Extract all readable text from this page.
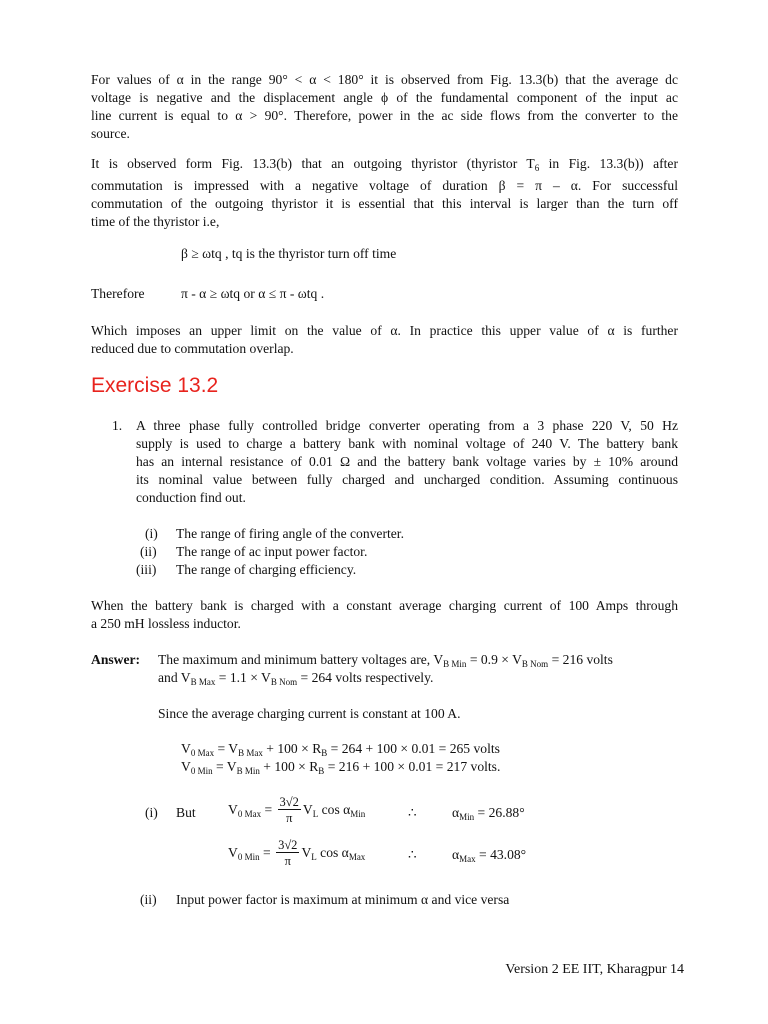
For values of α in the range 90° < α < 180° it is observed from Fig. 13.3(b) that the average dc
voltage is negative and the displacement angle ϕ of the fundamental component of the input ac
line current is equal to α > 90°. Therefore, power in the ac side flows from the converter to the
source.
It is observed form Fig. 13.3(b) that an outgoing thyristor (thyristor $T_6$ in Fig. 13.3(b)) after
commutation is impressed with a negative voltage of duration β = π – α. For successful
commutation of the outgoing thyristor it is essential that this interval is larger than the turn off
time of the thyristor i.e,
β ≥ ωtq , tq is the thyristor turn off time
Therefore	π - α ≥ ωtq or α ≤ π - ωtq .
Which imposes an upper limit on the value of α. In practice this upper value of α is further
reduced due to commutation overlap.
Exercise 13.2
1. A three phase fully controlled bridge converter operating from a 3 phase 220 V, 50 Hz
supply is used to charge a battery bank with nominal voltage of 240 V. The battery bank
has an internal resistance of 0.01 Ω and the battery bank voltage varies by ± 10% around
its nominal value between fully charged and uncharged condition. Assuming continuous
conduction find out.
(i) The range of firing angle of the converter.
(ii) The range of ac input power factor.
(iii) The range of charging efficiency.
When the battery bank is charged with a constant average charging current of 100 Amps through
a 250 mH lossless inductor.
Answer: The maximum and minimum battery voltages are, $V_{B Min} = 0.9 \times V_{B Nom} = 216$ volts
and $V_{B Max} = 1.1 \times V_{B Nom} = 264$ volts respectively.
Since the average charging current is constant at 100 A.
$V_{0 Max} = V_{B Max} + 100 \times R_B = 264 + 100 \times 0.01 = 265$ volts
$V_{0 Min} = V_{B Min} + 100 \times R_B = 216 + 100 \times 0.01 = 217$ volts.
(i) But $V_{0 Max} = \frac{3√2}{\pi} V_L$ $\cos \alpha_{Min}$	∴	$\alpha_{Min} = 26.88^\circ$
$V_{0 Min} = \frac{3√2}{\pi} V_L$ $\cos \alpha_{Max}$	∴	$\alpha_{Max} = 43.08^\circ$
(ii) Input power factor is maximum at minimum α and vice versa
Version 2 EE IIT, Kharagpur 14
